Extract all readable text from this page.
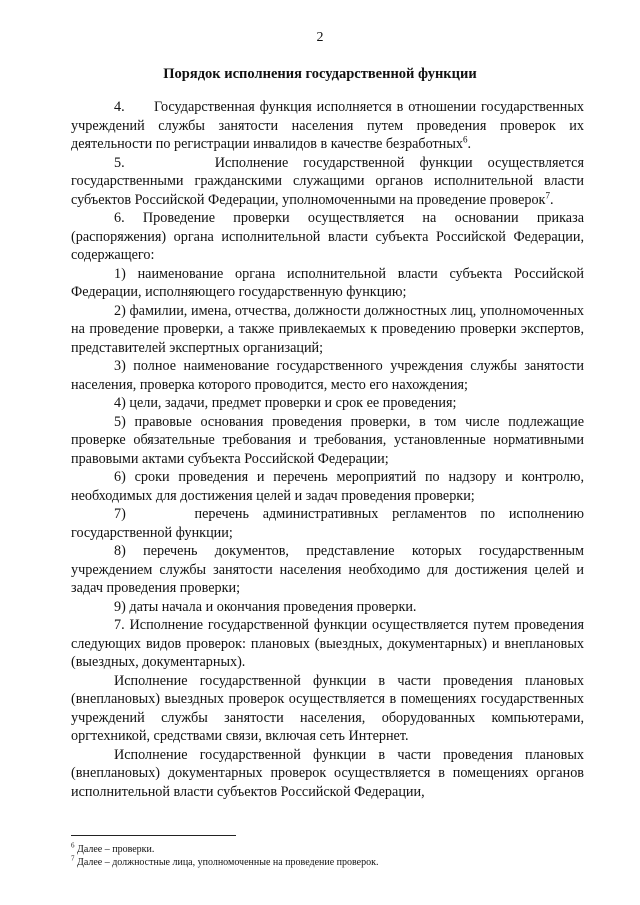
2
Порядок исполнения государственной функции

4.      Государственная функция исполняется в отношении государственных учреждений службы занятости населения путем проведения проверок их деятельности по регистрации инвалидов в качестве безработных$^6$.

5.      Исполнение государственной функции осуществляется государственными гражданскими служащими органов исполнительной власти субъектов Российской Федерации, уполномоченными на проведение проверок$^7$.

6. Проведение проверки осуществляется на основании приказа (распоряжения) органа исполнительной власти субъекта Российской Федерации, содержащего:

1) наименование органа исполнительной власти субъекта Российской Федерации, исполняющего государственную функцию;

2) фамилии, имена, отчества, должности должностных лиц, уполномоченных на проведение проверки, а также привлекаемых к проведению проверки экспертов, представителей экспертных организаций;

3) полное наименование государственного учреждения службы занятости населения, проверка которого проводится, место его нахождения;

4) цели, задачи, предмет проверки и срок ее проведения;

5) правовые основания проведения проверки, в том числе подлежащие проверке обязательные требования и требования, установленные нормативными правовыми актами субъекта Российской Федерации;

6) сроки проведения и перечень мероприятий по надзору и контролю, необходимых для достижения целей и задач проведения проверки;

7)     перечень административных регламентов по исполнению государственной функции;

8) перечень документов, представление которых государственным учреждением службы занятости населения необходимо для достижения целей и задач проведения проверки;

9) даты начала и окончания проведения проверки.

7. Исполнение государственной функции осуществляется путем проведения следующих видов проверок: плановых (выездных, документарных) и внеплановых (выездных, документарных).

Исполнение государственной функции в части проведения плановых (внеплановых) выездных проверок осуществляется в помещениях государственных учреждений службы занятости населения, оборудованных компьютерами, оргтехникой, средствами связи, включая сеть Интернет.

Исполнение государственной функции в части проведения плановых (внеплановых) документарных проверок осуществляется в помещениях органов исполнительной власти субъектов Российской Федерации,

$^6$ Далее – проверки.
$^7$ Далее – должностные лица, уполномоченные на проведение проверок.
